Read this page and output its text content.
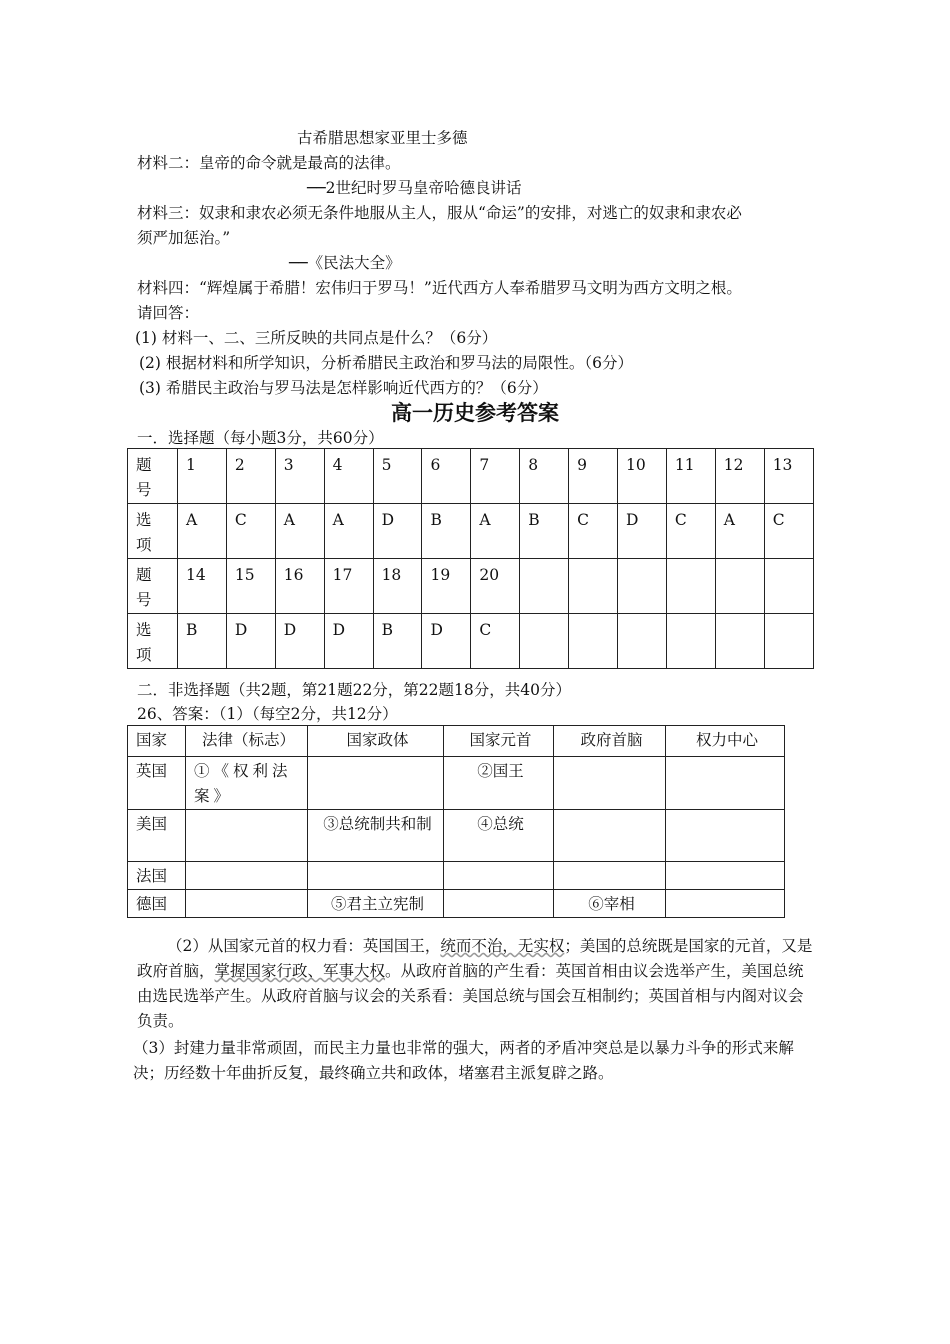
古希腊思想家亚里士多德
材料二：皇帝的命令就是最高的法律。
──2世纪时罗马皇帝哈德良讲话
材料三：奴隶和隶农必须无条件地服从主人，服从“命运”的安排，对逃亡的奴隶和隶农必
须严加惩治。”
──《民法大全》
材料四：“辉煌属于希腊！宏伟归于罗马！”近代西方人奉希腊罗马文明为西方文明之根。
请回答：
(1) 材料一、二、三所反映的共同点是什么？（6分）
(2) 根据材料和所学知识，分析希腊民主政治和罗马法的局限性。（6分）
(3) 希腊民主政治与罗马法是怎样影响近代西方的？（6分）
高一历史参考答案
一．选择题（每小题3分，共60分）
题号	1	2	3	4	5	6	7	8	9	10	11	12	13
选项	A	C	A	A	D	B	A	B	C	D	C	A	C
题号	14	15	16	17	18	19	20						
选项	B	D	D	D	B	D	C						
二．非选择题（共2题，第21题22分，第22题18分，共40分）
26、答案：（1）（每空2分，共12分）
国家	法律（标志）	国家政体	国家元首	政府首脑	权力中心
英国	①《权利法案》		②国王		
美国		③总统制共和制	④总统		
法国					
德国		⑤君主立宪制		⑥宰相	
（2）从国家元首的权力看：英国国王，统而不治，无实权；美国的总统既是国家的元首，又是政府首脑，掌握国家行政、军事大权。从政府首脑的产生看：英国首相由议会选举产生，美国总统由选民选举产生。从政府首脑与议会的关系看：美国总统与国会互相制约；英国首相与内阁对议会负责。
（3）封建力量非常顽固，而民主力量也非常的强大，两者的矛盾冲突总是以暴力斗争的形式来解决；历经数十年曲折反复，最终确立共和政体，堵塞君主派复辟之路。
